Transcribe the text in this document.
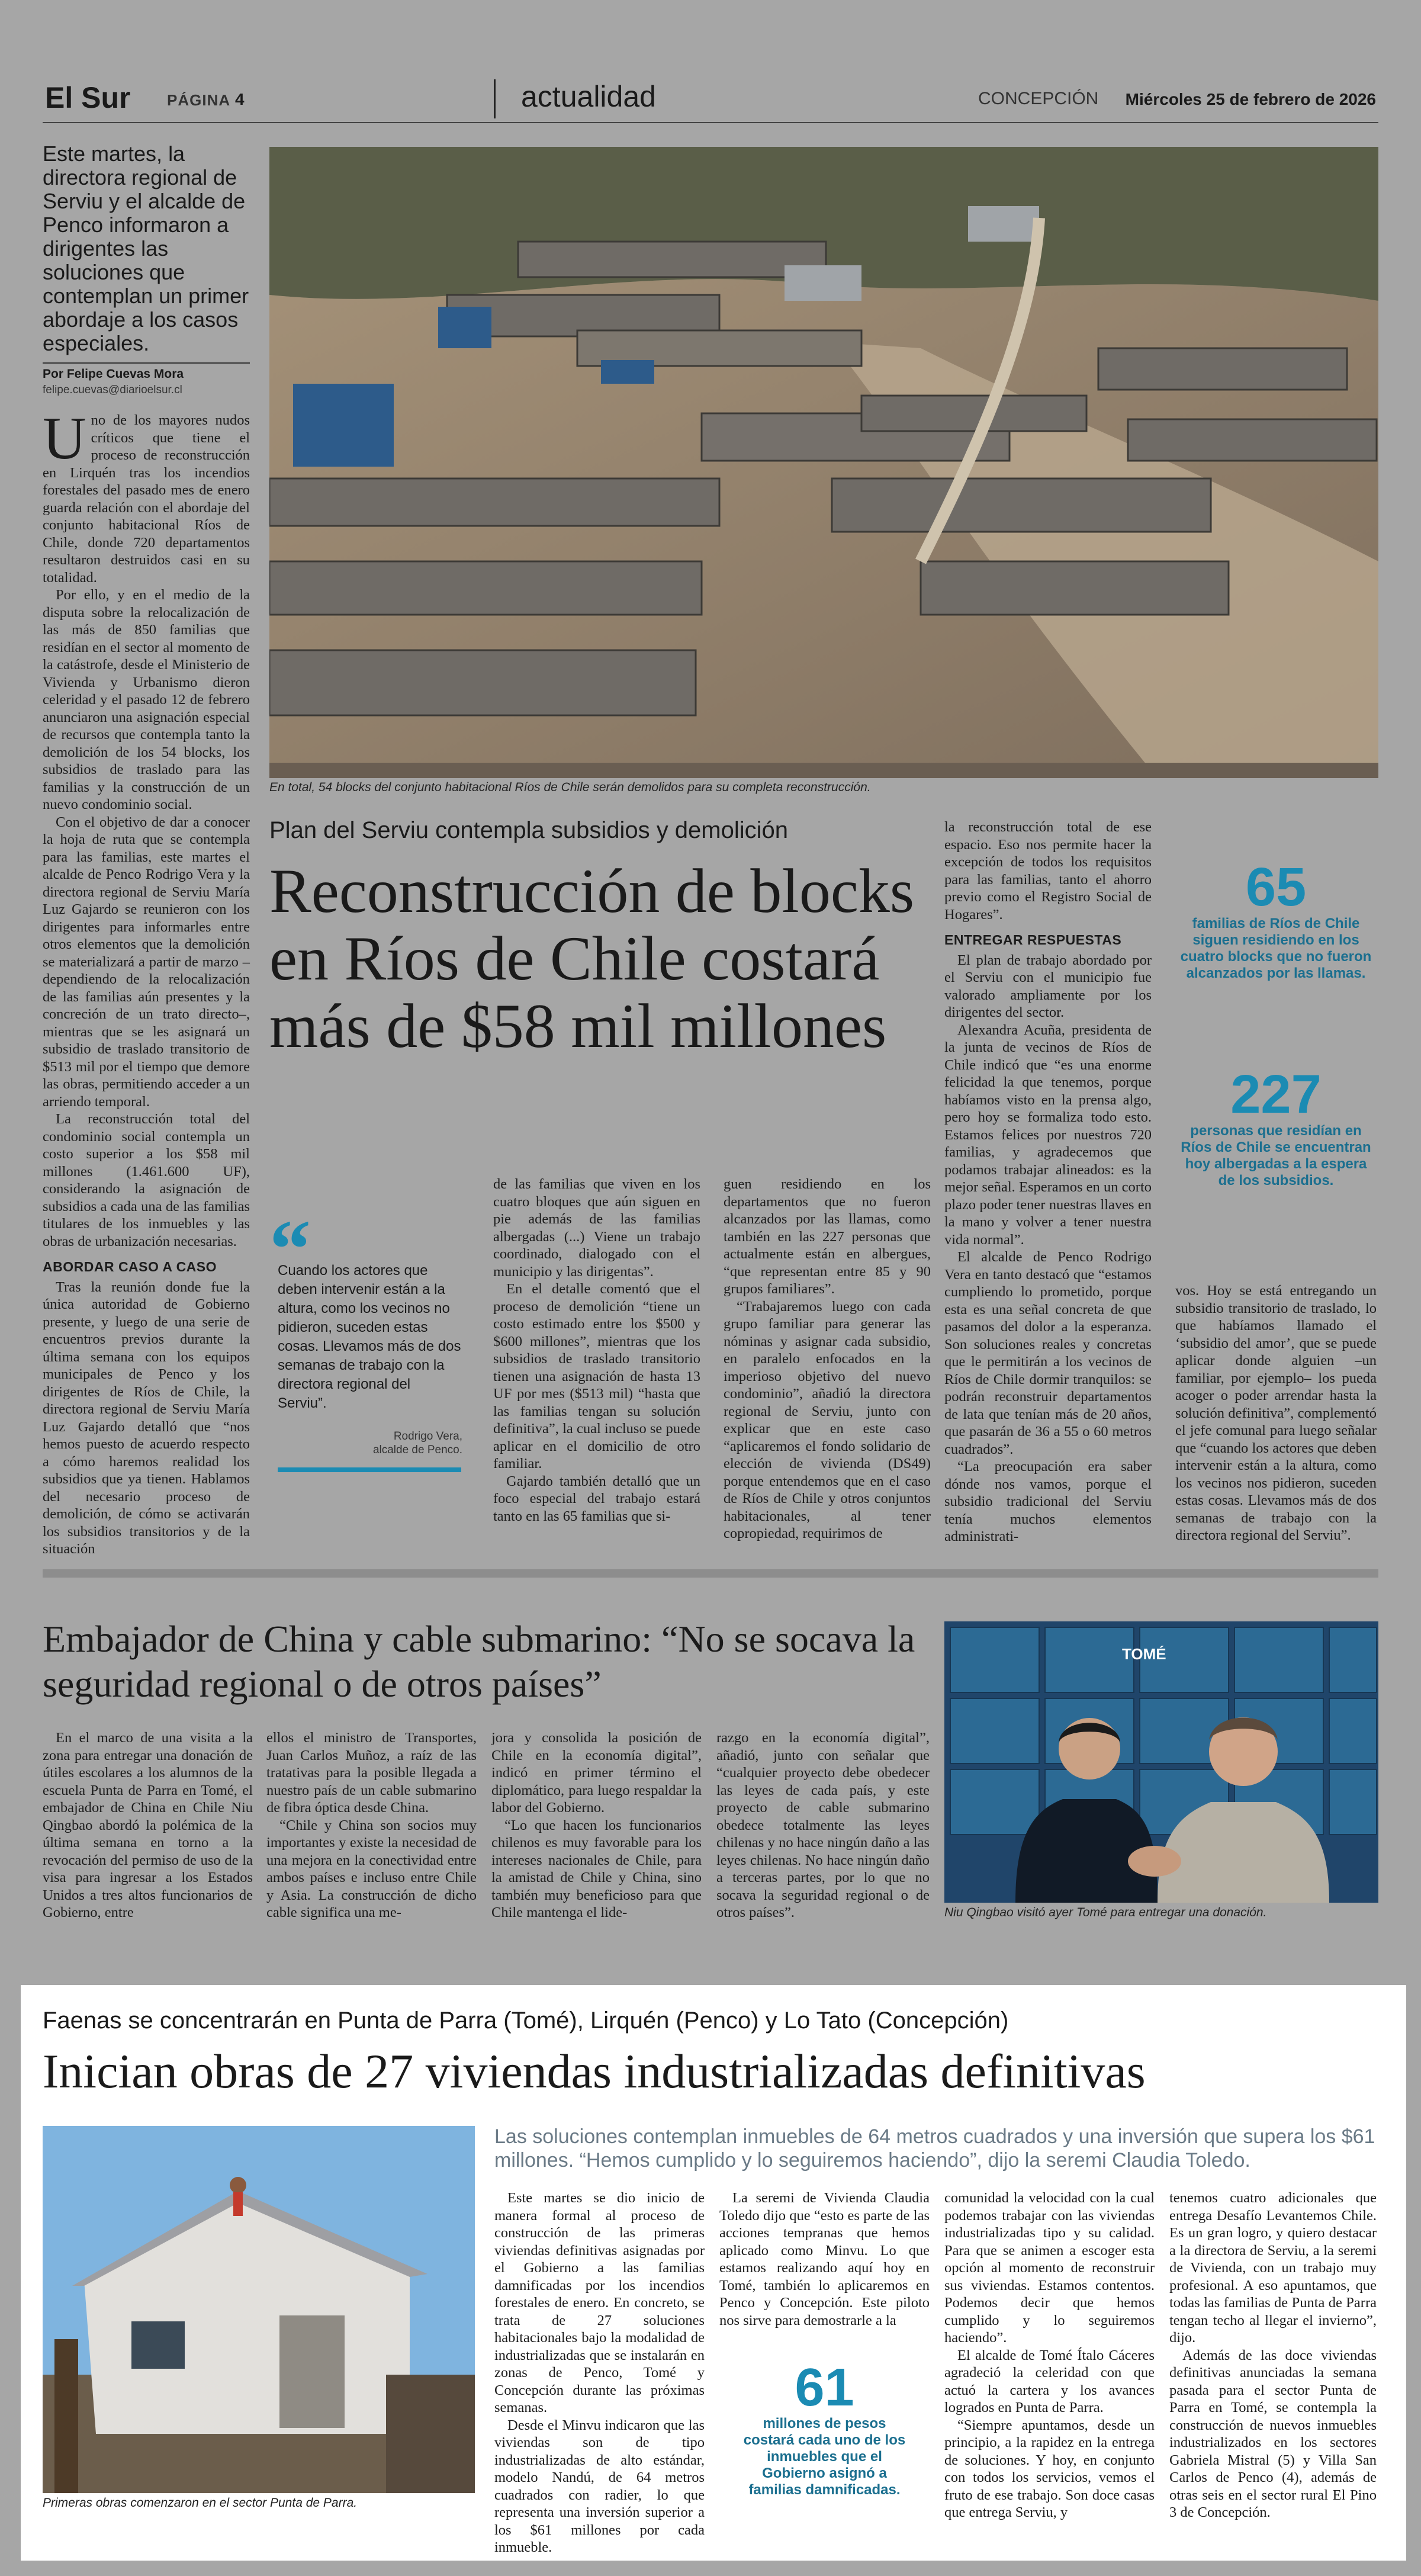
El Sur PÁGINA 4	actualidad	CONCEPCIÓN Miércoles 25 de febrero de 2026
Este martes, la directora regional de Serviu y el alcalde de Penco informaron a dirigentes las soluciones que contemplan un primer abordaje a los casos especiales.
Por Felipe Cuevas Mora
felipe.cuevas@diarioelsur.cl
En total, 54 blocks del conjunto habitacional Ríos de Chile serán demolidos para su completa reconstrucción.

Uno de los mayores nudos críticos que tiene el proceso de reconstrucción en Lirquén tras los incendios forestales del pasado mes de enero guarda relación con el abordaje del conjunto habitacional Ríos de Chile, donde 720 departamentos resultaron destruidos casi en su totalidad.

Por ello, y en el medio de la disputa sobre la relocalización de las más de 850 familias que residían en el sector al momento de la catástrofe, desde el Ministerio de Vivienda y Urbanismo dieron celeridad y el pasado 12 de febrero anunciaron una asignación especial de recursos que contempla tanto la demolición de los 54 blocks, los subsidios de traslado para las familias y la construcción de un nuevo condominio social.

Con el objetivo de dar a conocer la hoja de ruta que se contempla para las familias, este martes el alcalde de Penco Rodrigo Vera y la directora regional de Serviu María Luz Gajardo se reunieron con los dirigentes para informarles entre otros elementos que la demolición se materializará a partir de marzo –dependiendo de la relocalización de las familias aún presentes y la concreción de un trato directo–, mientras que se les asignará un subsidio de traslado transitorio de $513 mil por el tiempo que demore las obras, permitiendo acceder a un arriendo temporal.

La reconstrucción total del condominio social contempla un costo superior a los $58 mil millones (1.461.600 UF), considerando la asignación de subsidios a cada una de las familias titulares de los inmuebles y las obras de urbanización necesarias.

ABORDAR CASO A CASO

Tras la reunión donde fue la única autoridad de Gobierno presente, y luego de una serie de encuentros previos durante la última semana con los equipos municipales de Penco y los dirigentes de Ríos de Chile, la directora regional de Serviu María Luz Gajardo detalló que “nos hemos puesto de acuerdo respecto a cómo haremos realidad los subsidios que ya tienen. Hablamos del necesario proceso de demolición, de cómo se activarán los subsidios transitorios y de la situación

Plan del Serviu contempla subsidios y demolición
Reconstrucción de blocks en Ríos de Chile costará más de $58 mil millones
“
Cuando los actores que deben intervenir están a la altura, como los vecinos no pidieron, suceden estas cosas. Llevamos más de dos semanas de trabajo con la directora regional del Serviu”.
Rodrigo Vera,
alcalde de Penco.

de las familias que viven en los cuatro bloques que aún siguen en pie además de las familias albergadas (...) Viene un trabajo coordinado, dialogado con el municipio y las dirigentas”.

En el detalle comentó que el proceso de demolición “tiene un costo estimado entre los $500 y $600 millones”, mientras que los subsidios de traslado transitorio tienen una asignación de hasta 13 UF por mes ($513 mil) “hasta que las familias tengan su solución definitiva”, la cual incluso se puede aplicar en el domicilio de otro familiar.

Gajardo también detalló que un foco especial del trabajo estará tanto en las 65 familias que si-

guen residiendo en los departamentos que no fueron alcanzados por las llamas, como también en las 227 personas que actualmente están en albergues, “que representan entre 85 y 90 grupos familiares”.

“Trabajaremos luego con cada grupo familiar para generar las nóminas y asignar cada subsidio, en paralelo enfocados en la imperioso objetivo del nuevo condominio”, añadió la directora regional de Serviu, junto con explicar que en este caso “aplicaremos el fondo solidario de elección de vivienda (DS49) porque entendemos que en el caso de Ríos de Chile y otros conjuntos habitacionales, al tener copropiedad, requirimos de

la reconstrucción total de ese espacio. Eso nos permite hacer la excepción de todos los requisitos para las familias, tanto el ahorro previo como el Registro Social de Hogares”.

ENTREGAR RESPUESTAS

El plan de trabajo abordado por el Serviu con el municipio fue valorado ampliamente por los dirigentes del sector.

Alexandra Acuña, presidenta de la junta de vecinos de Ríos de Chile indicó que “es una enorme felicidad la que tenemos, porque habíamos visto en la prensa algo, pero hoy se formaliza todo esto. Estamos felices por nuestros 720 familias, y agradecemos que podamos trabajar alineados: es la mejor señal. Esperamos en un corto plazo poder tener nuestras llaves en la mano y volver a tener nuestra vida normal”.

El alcalde de Penco Rodrigo Vera en tanto destacó que “estamos cumpliendo lo prometido, porque esta es una señal concreta de que pasamos del dolor a la esperanza. Son soluciones reales y concretas que le permitirán a los vecinos de Ríos de Chile dormir tranquilos: se podrán reconstruir departamentos de lata que tenían más de 20 años, que pasarán de 36 a 55 o 60 metros cuadrados”.

“La preocupación era saber dónde nos vamos, porque el subsidio tradicional del Serviu tenía muchos elementos administrati-

65
familias de Ríos de Chile siguen residiendo en los cuatro blocks que no fueron alcanzados por las llamas.
227
personas que residían en Ríos de Chile se encuentran hoy albergadas a la espera de los subsidios.

vos. Hoy se está entregando un subsidio transitorio de traslado, lo que habíamos llamado el ‘subsidio del amor’, que se puede aplicar donde alguien –un familiar, por ejemplo– los pueda acoger o poder arrendar hasta la solución definitiva”, complementó el jefe comunal para luego señalar que “cuando los actores que deben intervenir están a la altura, como los vecinos nos pidieron, suceden estas cosas. Llevamos más de dos semanas de trabajo con la directora regional del Serviu”.

Embajador de China y cable submarino: “No se socava la seguridad regional o de otros países”

En el marco de una visita a la zona para entregar una donación de útiles escolares a los alumnos de la escuela Punta de Parra en Tomé, el embajador de China en Chile Niu Qingbao abordó la polémica de la última semana en torno a la revocación del permiso de uso de la visa para ingresar a los Estados Unidos a tres altos funcionarios de Gobierno, entre

ellos el ministro de Transportes, Juan Carlos Muñoz, a raíz de las tratativas para la posible llegada a nuestro país de un cable submarino de fibra óptica desde China.

“Chile y China son socios muy importantes y existe la necesidad de una mejora en la conectividad entre ambos países e incluso entre Chile y Asia. La construcción de dicho cable significa una me-

jora y consolida la posición de Chile en la economía digital”, indicó en primer término el diplomático, para luego respaldar la labor del Gobierno.

“Lo que hacen los funcionarios chilenos es muy favorable para los intereses nacionales de Chile, para la amistad de Chile y China, sino también muy beneficioso para que Chile mantenga el lide-

razgo en la economía digital”, añadió, junto con señalar que “cualquier proyecto debe obedecer las leyes de cada país, y este proyecto de cable submarino obedece totalmente las leyes chilenas y no hace ningún daño a las leyes chilenas. No hace ningún daño a terceras partes, por lo que no socava la seguridad regional o de otros países”.

TOMÉ
Niu Qingbao visitó ayer Tomé para entregar una donación.
Faenas se concentrarán en Punta de Parra (Tomé), Lirquén (Penco) y Lo Tato (Concepción)
Inician obras de 27 viviendas industrializadas definitivas
Primeras obras comenzaron en el sector Punta de Parra.
Las soluciones contemplan inmuebles de 64 metros cuadrados y una inversión que supera los $61 millones. “Hemos cumplido y lo seguiremos haciendo”, dijo la seremi Claudia Toledo.

Este martes se dio inicio de manera formal al proceso de construcción de las primeras viviendas definitivas asignadas por el Gobierno a las familias damnificadas por los incendios forestales de enero. En concreto, se trata de 27 soluciones habitacionales bajo la modalidad de industrializadas que se instalarán en zonas de Penco, Tomé y Concepción durante las próximas semanas.

Desde el Minvu indicaron que las viviendas son de tipo industrializadas de alto estándar, modelo Nandú, de 64 metros cuadrados con radier, lo que representa una inversión superior a los $61 millones por cada inmueble.

La seremi de Vivienda Claudia Toledo dijo que “esto es parte de las acciones tempranas que hemos aplicado como Minvu. Lo que estamos realizando aquí hoy en Tomé, también lo aplicaremos en Penco y Concepción. Este piloto nos sirve para demostrarle a la

61
millones de pesos costará cada uno de los inmuebles que el Gobierno asignó a familias damnificadas.

comunidad la velocidad con la cual podemos trabajar con las viviendas industrializadas tipo y su calidad. Para que se animen a escoger esta opción al momento de reconstruir sus viviendas. Estamos contentos. Podemos decir que hemos cumplido y lo seguiremos haciendo”.

El alcalde de Tomé Ítalo Cáceres agradeció la celeridad con que actuó la cartera y los avances logrados en Punta de Parra.

“Siempre apuntamos, desde un principio, a la rapidez en la entrega de soluciones. Y hoy, en conjunto con todos los servicios, vemos el fruto de ese trabajo. Son doce casas que entrega Serviu, y

tenemos cuatro adicionales que entrega Desafío Levantemos Chile. Es un gran logro, y quiero destacar a la directora de Serviu, a la seremi de Vivienda, con un trabajo muy profesional. A eso apuntamos, que todas las familias de Punta de Parra tengan techo al llegar el invierno”, dijo.

Además de las doce viviendas definitivas anunciadas la semana pasada para el sector Punta de Parra en Tomé, se contempla la construcción de nuevos inmuebles industrializados en los sectores Gabriela Mistral (5) y Villa San Carlos de Penco (4), además de otras seis en el sector rural El Pino 3 de Concepción.
